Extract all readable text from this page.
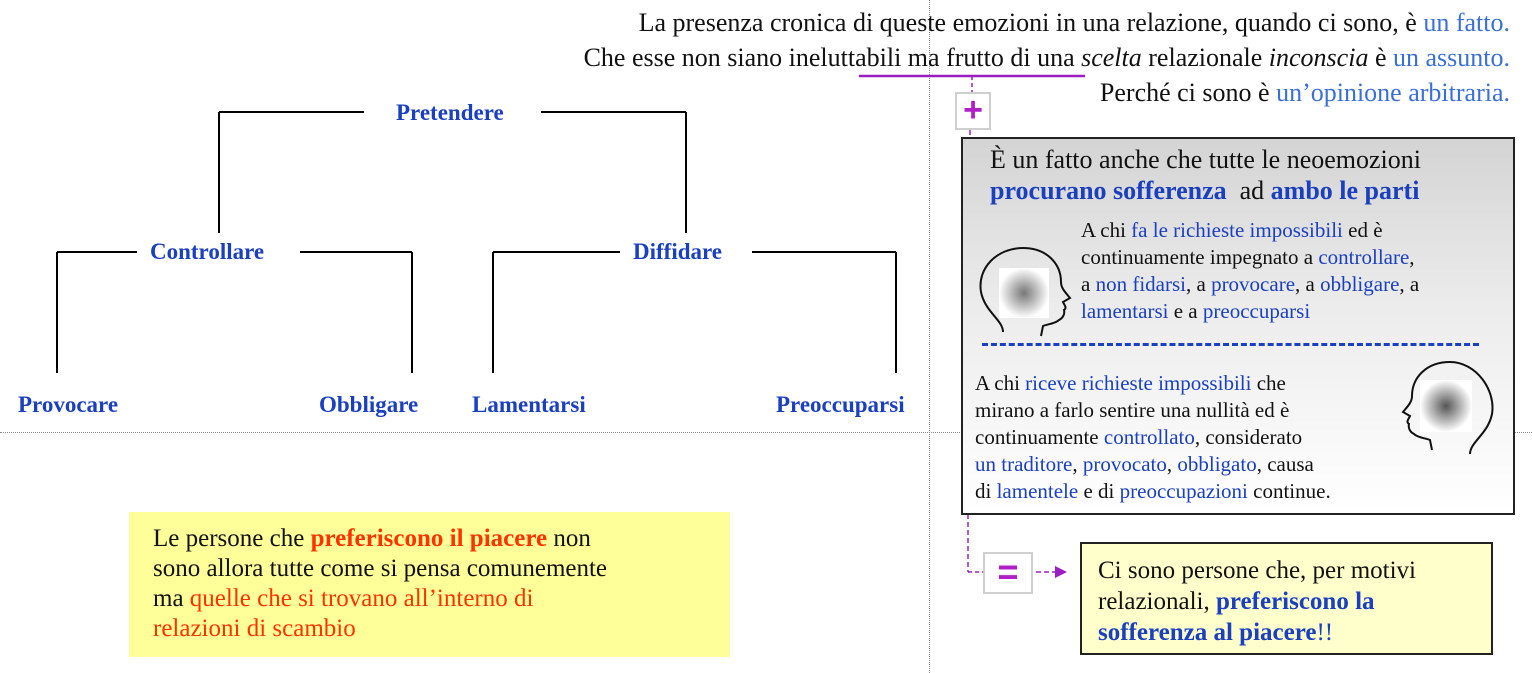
La presenza cronica di queste emozioni in una relazione, quando ci sono, è un fatto.
Che esse non siano ineluttabili ma frutto di una scelta relazionale inconscia è un assunto.
Perché ci sono è un’opinione arbitraria.
Pretendere
Controllare	Diffidare
Provocare	Obbligare Lamentarsi	Preoccuparsi
+
È un fatto anche che tutte le neoemozioni
procurano sofferenza  ad ambo le parti
A chi fa le richieste impossibili ed è
continuamente impegnato a controllare,
a non fidarsi, a provocare, a obbligare, a
lamentarsi e a preoccuparsi
A chi riceve richieste impossibili che
mirano a farlo sentire una nullità ed è
continuamente controllato, considerato
un traditore, provocato, obbligato, causa
di lamentele e di preoccupazioni continue.
=	Ci sono persone che, per motivi
relazionali, preferiscono la
sofferenza al piacere!!
Le persone che preferiscono il piacere non
sono allora tutte come si pensa comunemente
ma quelle che si trovano all’interno di
relazioni di scambio
